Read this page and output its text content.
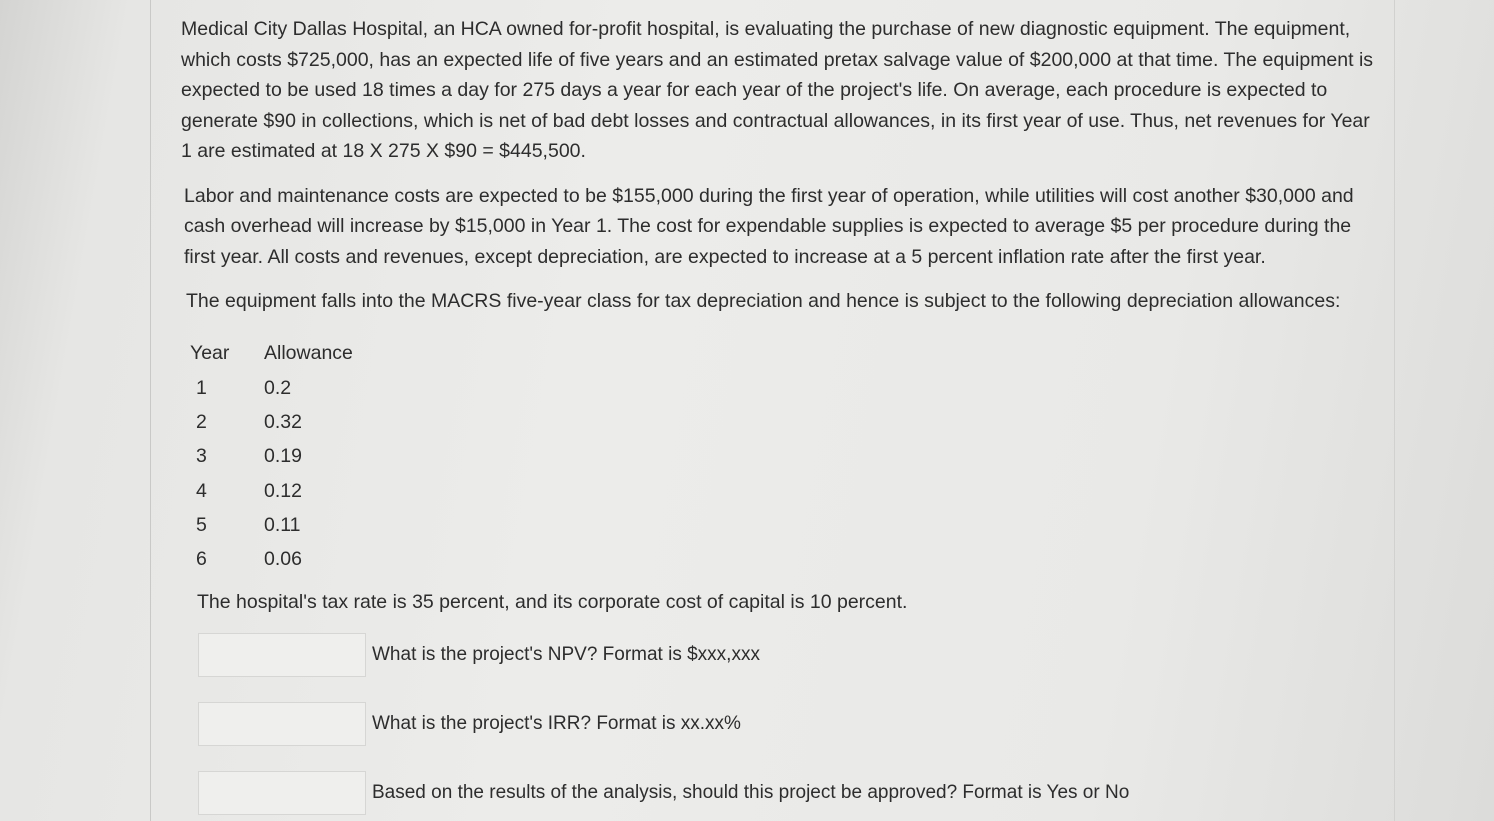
Medical City Dallas Hospital, an HCA owned for-profit hospital, is evaluating the purchase of new diagnostic equipment. The equipment, which costs $725,000, has an expected life of five years and an estimated pretax salvage value of $200,000 at that time. The equipment is expected to be used 18 times a day for 275 days a year for each year of the project's life. On average, each procedure is expected to generate $90 in collections, which is net of bad debt losses and contractual allowances, in its first year of use. Thus, net revenues for Year 1 are estimated at 18 X 275 X $90 = $445,500.

Labor and maintenance costs are expected to be $155,000 during the first year of operation, while utilities will cost another $30,000 and cash overhead will increase by $15,000 in Year 1. The cost for expendable supplies is expected to average $5 per procedure during the first year. All costs and revenues, except depreciation, are expected to increase at a 5 percent inflation rate after the first year.

The equipment falls into the MACRS five-year class for tax depreciation and hence is subject to the following depreciation allowances:

Year	Allowance
1	0.2
2	0.32
3	0.19
4	0.12
5	0.11
6	0.06

The hospital's tax rate is 35 percent, and its corporate cost of capital is 10 percent.

What is the project's NPV? Format is $xxx,xxx
What is the project's IRR? Format is xx.xx%
Based on the results of the analysis, should this project be approved? Format is Yes or No
